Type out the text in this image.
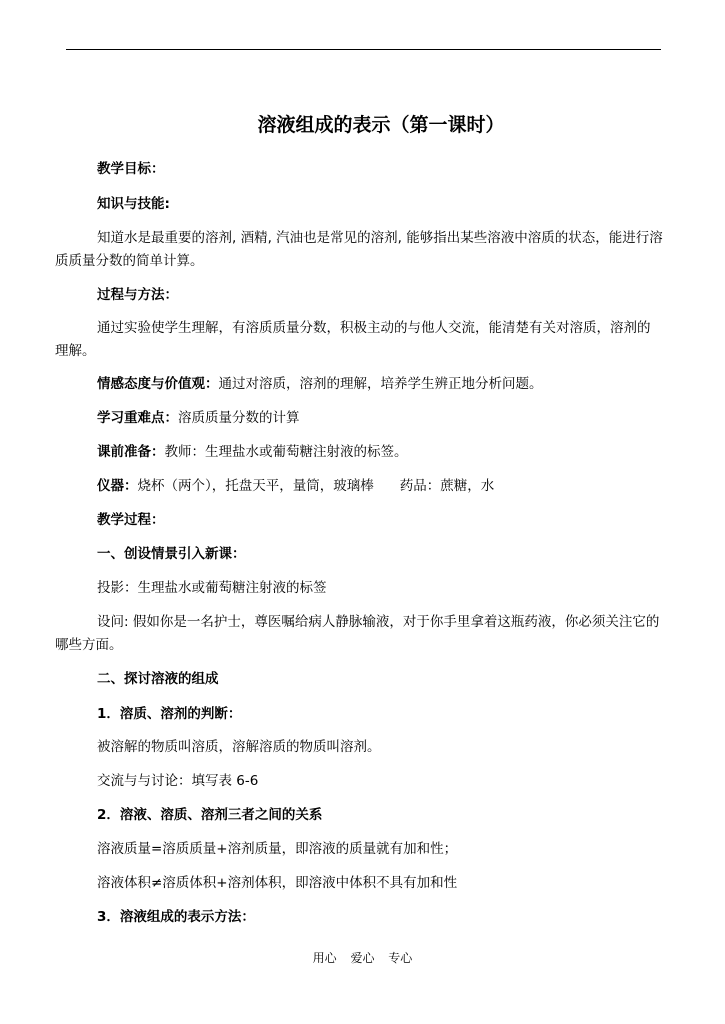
溶液组成的表示（第一课时）

教学目标：

知识与技能:

知道水是最重要的溶剂, 酒精, 汽油也是常见的溶剂, 能够指出某些溶液中溶质的状态，能进行溶质质量分数的简单计算。

过程与方法：

通过实验使学生理解，有溶质质量分数，积极主动的与他人交流，能清楚有关对溶质，溶剂的理解。

情感态度与价值观：通过对溶质，溶剂的理解，培养学生辨正地分析问题。

学习重难点：溶质质量分数的计算

课前准备：教师：生理盐水或葡萄糖注射液的标签。

仪器：烧杯（两个），托盘天平，量筒，玻璃棒 药品：蔗糖，水

教学过程：

一、创设情景引入新课：

投影：生理盐水或葡萄糖注射液的标签

设问: 假如你是一名护士，尊医嘱给病人静脉输液，对于你手里拿着这瓶药液，你必须关注它的哪些方面。

二、探讨溶液的组成

1．溶质、溶剂的判断：

被溶解的物质叫溶质，溶解溶质的物质叫溶剂。

交流与与讨论：填写表 6-6

2．溶液、溶质、溶剂三者之间的关系

溶液质量=溶质质量+溶剂质量，即溶液的质量就有加和性；

溶液体积≠溶质体积+溶剂体积，即溶液中体积不具有加和性

3．溶液组成的表示方法：

用心 爱心 专心
